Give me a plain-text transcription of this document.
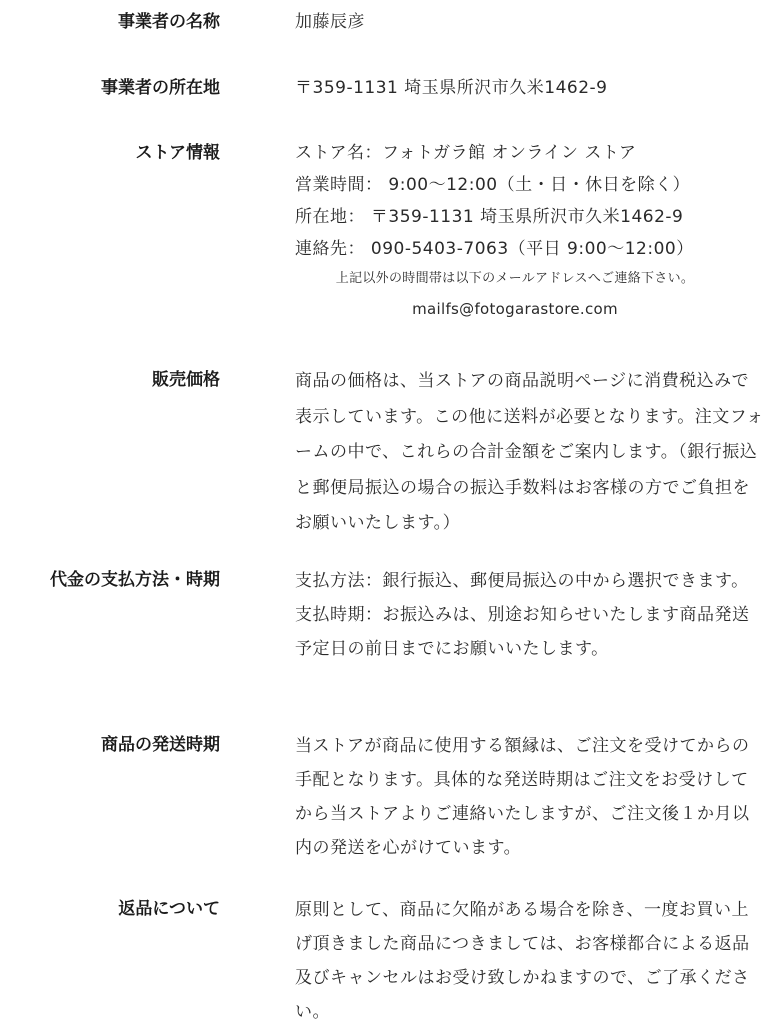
事業者の名称	加藤辰彦
事業者の所在地	〒359-1131 埼玉県所沢市久米1462-9
ストア情報	ストア名：フォトガラ館 オンライン ストア
営業時間： 9:00〜12:00（土・日・休日を除く）
所在地： 〒359-1131 埼玉県所沢市久米1462-9
連絡先： 090-5403-7063（平日 9:00〜12:00）
上記以外の時間帯は以下のメールアドレスへご連絡下さい。
mailfs@fotogarastore.com
販売価格	商品の価格は、当ストアの商品説明ページに消費税込みで表示しています。この他に送料が必要となります。注文フォームの中で、これらの合計金額をご案内します。（銀行振込と郵便局振込の場合の振込手数料はお客様の方でご負担をお願いいたします。）
代金の支払方法・時期	支払方法：銀行振込、郵便局振込の中から選択できます。
支払時期：お振込みは、別途お知らせいたします商品発送予定日の前日までにお願いいたします。
商品の発送時期	当ストアが商品に使用する額縁は、ご注文を受けてからの手配となります。具体的な発送時期はご注文をお受けしてから当ストアよりご連絡いたしますが、ご注文後１か月以内の発送を心がけています。
返品について	原則として、商品に欠陥がある場合を除き、一度お買い上げ頂きました商品につきましては、お客様都合による返品及びキャンセルはお受け致しかねますので、ご了承ください。
